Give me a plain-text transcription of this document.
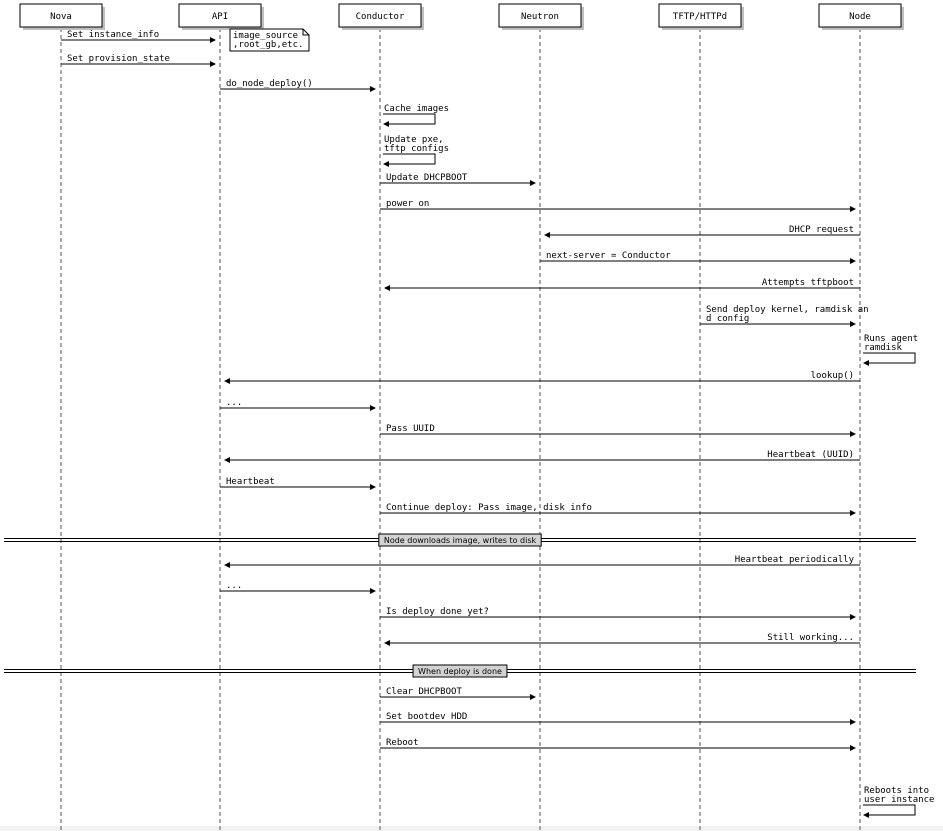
Nova	API	Conductor	Neutron	TFTP/HTTPd	Node
Set instance_info
Set provision_state
do_node_deploy()
Cache images
Update pxe,
tftp configs
Update DHCPBOOT
power on
DHCP request
next-server = Conductor
Attempts tftpboot
Send deploy kernel, ramdisk an
d config
Runs agent
ramdisk
lookup()
...
Pass UUID
Heartbeat (UUID)
Heartbeat
Continue deploy: Pass image, disk info
Heartbeat periodically
...
Is deploy done yet?
Still working...
Clear DHCPBOOT
Set bootdev HDD
Reboot
Reboots into
user instance
image_source
,root_gb,etc.
Node downloads image, writes to disk
When deploy is done
